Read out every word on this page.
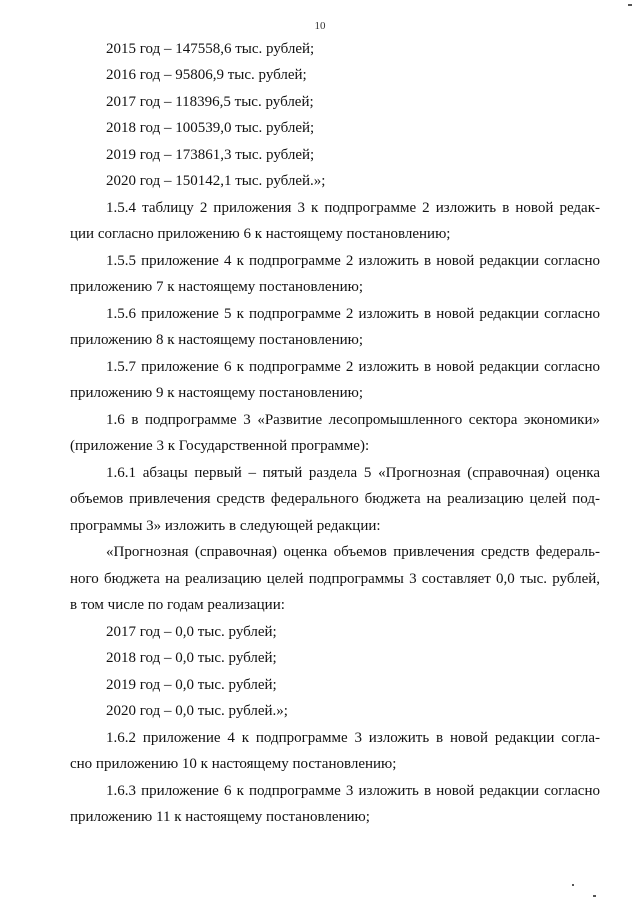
10
2015 год – 147558,6 тыс. рублей;
2016 год – 95806,9 тыс. рублей;
2017 год – 118396,5 тыс. рублей;
2018 год – 100539,0 тыс. рублей;
2019 год – 173861,3 тыс. рублей;
2020 год – 150142,1 тыс. рублей.»;
1.5.4 таблицу 2 приложения 3 к подпрограмме 2 изложить в новой редак-
ции согласно приложению 6 к настоящему постановлению;
1.5.5 приложение 4 к подпрограмме 2 изложить в новой редакции согласно
приложению 7 к настоящему постановлению;
1.5.6 приложение 5 к подпрограмме 2 изложить в новой редакции согласно
приложению 8 к настоящему постановлению;
1.5.7 приложение 6 к подпрограмме 2 изложить в новой редакции согласно
приложению 9 к настоящему постановлению;
1.6 в подпрограмме 3 «Развитие лесопромышленного сектора экономики»
(приложение 3 к Государственной программе):
1.6.1 абзацы первый – пятый раздела 5 «Прогнозная (справочная) оценка
объемов привлечения средств федерального бюджета на реализацию целей под-
программы 3» изложить в следующей редакции:
«Прогнозная (справочная) оценка объемов привлечения средств федераль-
ного бюджета на реализацию целей подпрограммы 3 составляет 0,0 тыс. рублей,
в том числе по годам реализации:
2017 год – 0,0 тыс. рублей;
2018 год – 0,0 тыс. рублей;
2019 год – 0,0 тыс. рублей;
2020 год – 0,0 тыс. рублей.»;
1.6.2 приложение 4 к подпрограмме 3 изложить в новой редакции согла-
сно приложению 10 к настоящему постановлению;
1.6.3 приложение 6 к подпрограмме 3 изложить в новой редакции согласно
приложению 11 к настоящему постановлению;
